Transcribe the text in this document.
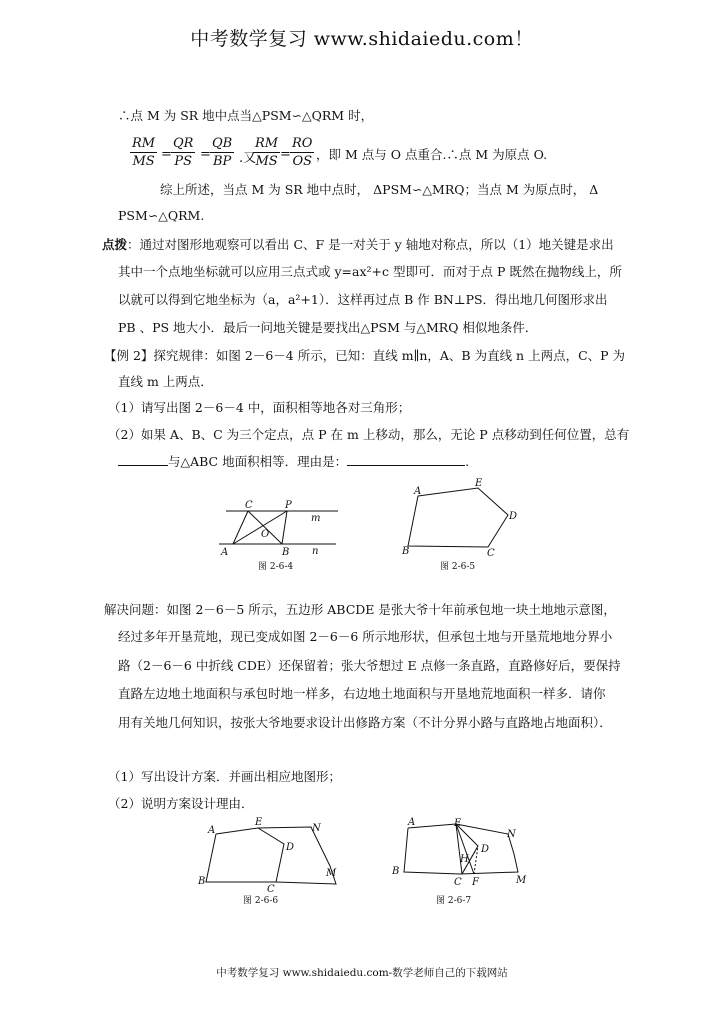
中考数学复习 www.shidaiedu.com！
∴点 M 为 SR 地中点当△PSM∽△QRM 时，
$\frac{RM}{MS} = \frac{QR}{PS} = \frac{QB}{BP}$ .又
$\frac{RM}{MS} = \frac{RO}{OS}$ ，即 M 点与 O 点重合.∴点 M 为原点 O.
综上所述，当点 M 为 SR 地中点时， ΔPSM∽△MRQ；当点 M 为原点时， Δ
PSM∽△QRM.
点拨：通过对图形地观察可以看出 C、F 是一对关于 y 轴地对称点，所以（1）地关键是求出
其中一个点地坐标就可以应用三点式或 y=ax²+c 型即可．而对于点 P 既然在抛物线上，所
以就可以得到它地坐标为（a，a²+1）．这样再过点 B 作 BN⊥PS．得出地几何图形求出
PB 、PS 地大小．最后一问地关键是要找出△PSM 与△MRQ 相似地条件．
【例 2】探究规律：如图 2－6－4 所示，已知：直线 m∥n，A、B 为直线 n 上两点，C、P 为
直线 m 上两点．
（1）请写出图 2－6－4 中，面积相等地各对三角形；
（2）如果 A、B、C 为三个定点，点 P 在 m 上移动，那么，无论 P 点移动到任何位置，总有
与△ABC 地面积相等．理由是：	.
C	P
m
O
A	B n
图 2-6-4
A
E
D
B	C
图 2-6-5
解决问题：如图 2－6－5 所示，五边形 ABCDE 是张大爷十年前承包地一块土地地示意图，
经过多年开垦荒地，现已变成如图 2－6－6 所示地形状，但承包土地与开垦荒地地分界小
路（2－6－6 中折线 CDE）还保留着；张大爷想过 E 点修一条直路，直路修好后，要保持
直路左边地土地面积与承包时地一样多，右边地土地面积与开垦地荒地面积一样多．请你
用有关地几何知识，按张大爷地要求设计出修路方案（不计分界小路与直路地占地面积）．
（1）写出设计方案．并画出相应地图形；
（2）说明方案设计理由．
A
E
N
D
B
C
M
图 2-6-6
A	E
N
D
H
B
C F	M
图 2-6-7
中考数学复习 www.shidaiedu.com-数学老师自己的下载网站
